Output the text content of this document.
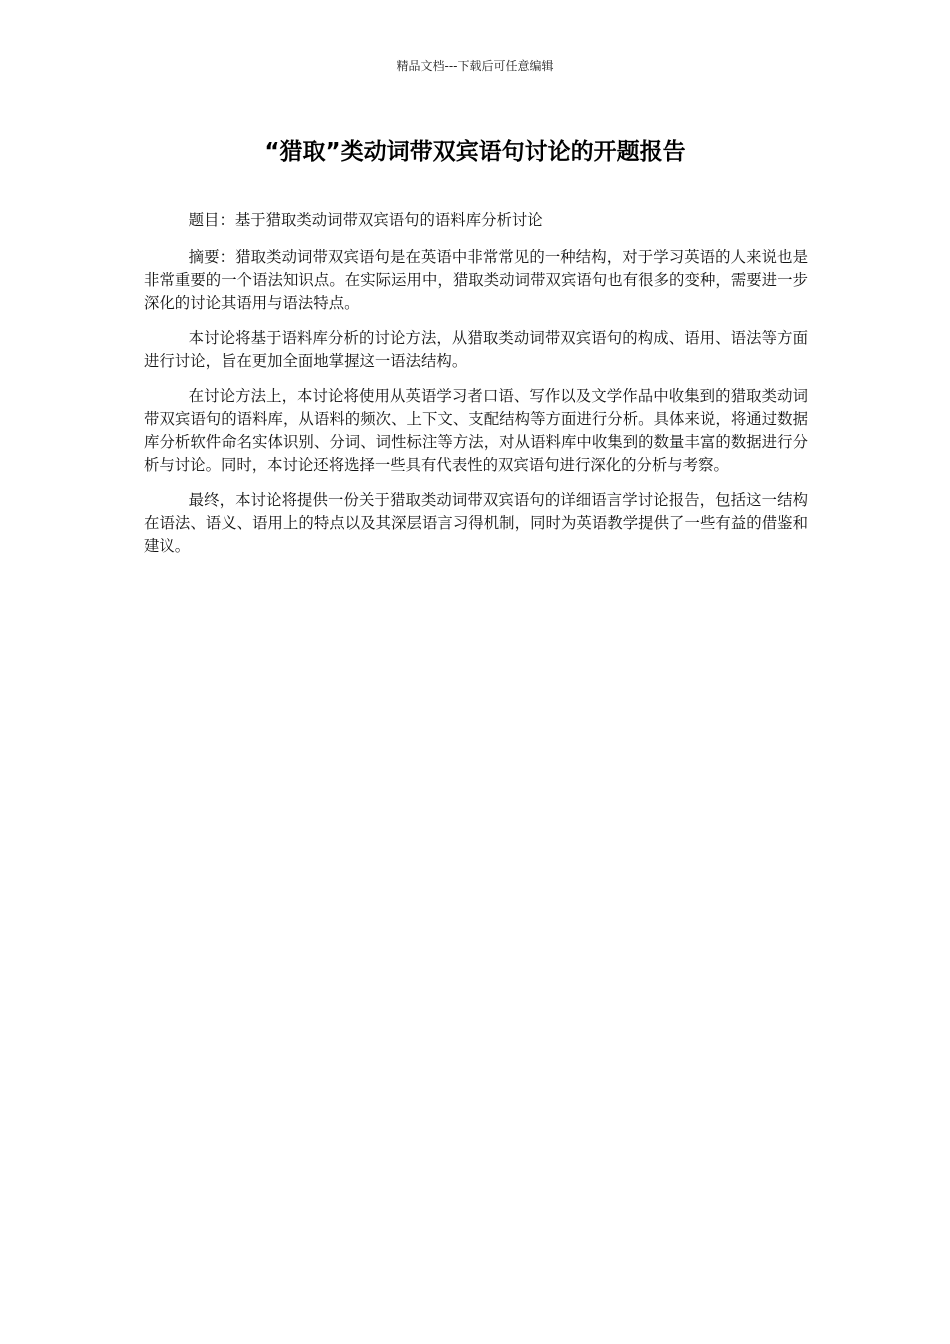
精品文档---下载后可任意编辑
“猎取”类动词带双宾语句讨论的开题报告

题目：基于猎取类动词带双宾语句的语料库分析讨论

摘要：猎取类动词带双宾语句是在英语中非常常见的一种结构，对于学习英语的人来说也是非常重要的一个语法知识点。在实际运用中，猎取类动词带双宾语句也有很多的变种，需要进一步深化的讨论其语用与语法特点。

本讨论将基于语料库分析的讨论方法，从猎取类动词带双宾语句的构成、语用、语法等方面进行讨论，旨在更加全面地掌握这一语法结构。

在讨论方法上，本讨论将使用从英语学习者口语、写作以及文学作品中收集到的猎取类动词带双宾语句的语料库，从语料的频次、上下文、支配结构等方面进行分析。具体来说，将通过数据库分析软件命名实体识别、分词、词性标注等方法，对从语料库中收集到的数量丰富的数据进行分析与讨论。同时，本讨论还将选择一些具有代表性的双宾语句进行深化的分析与考察。

最终，本讨论将提供一份关于猎取类动词带双宾语句的详细语言学讨论报告，包括这一结构在语法、语义、语用上的特点以及其深层语言习得机制，同时为英语教学提供了一些有益的借鉴和建议。
